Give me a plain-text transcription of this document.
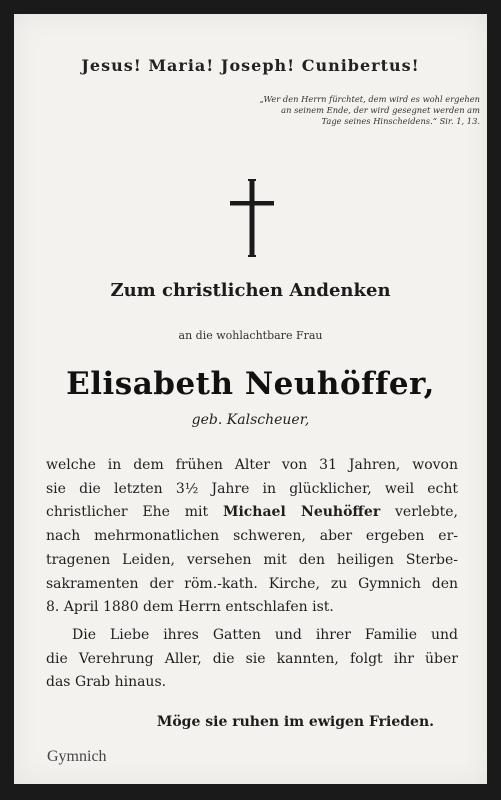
Jesus! Maria! Joseph! Cunibertus!
„Wer den Herrn fürchtet, dem wird es wohl ergehen
an seinem Ende, der wird gesegnet werden am
Tage seines Hinscheidens.“ Sir. 1, 13.
Zum christlichen Andenken
an die wohlachtbare Frau
Elisabeth Neuhöffer,
geb. Kalscheuer,
welche in dem frühen Alter von 31 Jahren, wovon
sie die letzten 3½ Jahre in glücklicher, weil echt
christlicher Ehe mit Michael Neuhöffer verlebte,
nach mehrmonatlichen schweren, aber ergeben er-
tragenen Leiden, versehen mit den heiligen Sterbe-
sakramenten der röm.-kath. Kirche, zu Gymnich den
8. April 1880 dem Herrn entschlafen ist.
Die Liebe ihres Gatten und ihrer Familie und
die Verehrung Aller, die sie kannten, folgt ihr über
das Grab hinaus.
Möge sie ruhen im ewigen Frieden.
Gymnich
